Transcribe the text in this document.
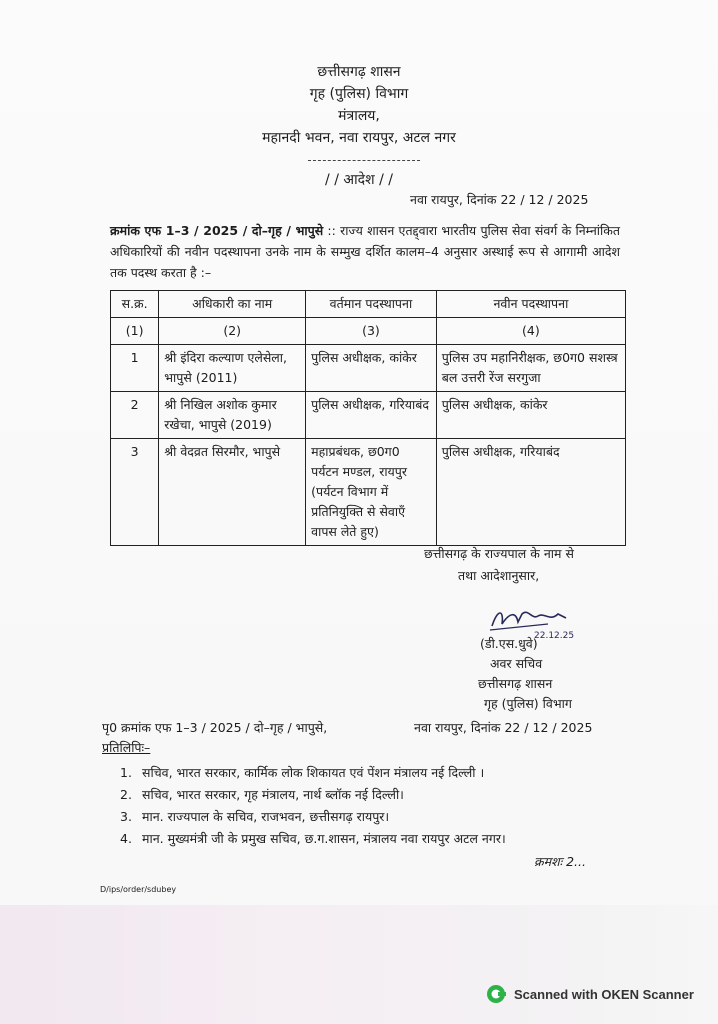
छत्तीसगढ़ शासन
गृह (पुलिस) विभाग
मंत्रालय,
महानदी भवन, नवा रायपुर, अटल नगर
/ / आदेश / /
नवा रायपुर, दिनांक 22 / 12 / 2025
क्रमांक एफ 1–3 / 2025 / दो–गृह / भापुसे :: राज्य शासन एतद्द्वारा भारतीय पुलिस सेवा संवर्ग के निम्नांकित अधिकारियों की नवीन पदस्थापना उनके नाम के सम्मुख दर्शित कालम–4 अनुसार अस्थाई रूप से आगामी आदेश तक पदस्थ करता है :–
स.क्र.	अधिकारी का नाम	वर्तमान पदस्थापना	नवीन पदस्थापना
(1)	(2)	(3)	(4)
1	श्री इंदिरा कल्याण एलेसेला, भापुसे (2011)	पुलिस अधीक्षक, कांकेर	पुलिस उप महानिरीक्षक, छ0ग0 सशस्त्र बल उत्तरी रेंज सरगुजा
2	श्री निखिल अशोक कुमार रखेचा, भापुसे (2019)	पुलिस अधीक्षक, गरियाबंद	पुलिस अधीक्षक, कांकेर
3	श्री वेदव्रत सिरमौर, भापुसे	महाप्रबंधक, छ0ग0 पर्यटन मण्डल, रायपुर (पर्यटन विभाग में प्रतिनियुक्ति से सेवाएँ वापस लेते हुए)	पुलिस अधीक्षक, गरियाबंद
छत्तीसगढ़ के राज्यपाल के नाम से
तथा आदेशानुसार,
22.12.25
(डी.एस.धुवे)
अवर सचिव
छत्तीसगढ़ शासन
गृह (पुलिस) विभाग
पृ0 क्रमांक एफ 1–3 / 2025 / दो–गृह / भापुसे,	नवा रायपुर, दिनांक 22 / 12 / 2025
प्रतिलिपिः–
1. सचिव, भारत सरकार, कार्मिक लोक शिकायत एवं पेंशन मंत्रालय नई दिल्ली ।
2. सचिव, भारत सरकार, गृह मंत्रालय, नार्थ ब्लॉक नई दिल्ली।
3. मान. राज्यपाल के सचिव, राजभवन, छत्तीसगढ़ रायपुर।
4. मान. मुख्यमंत्री जी के प्रमुख सचिव, छ.ग.शासन, मंत्रालय नवा रायपुर अटल नगर।
क्रमशः 2...
D/ips/order/sdubey
Scanned with OKEN Scanner
